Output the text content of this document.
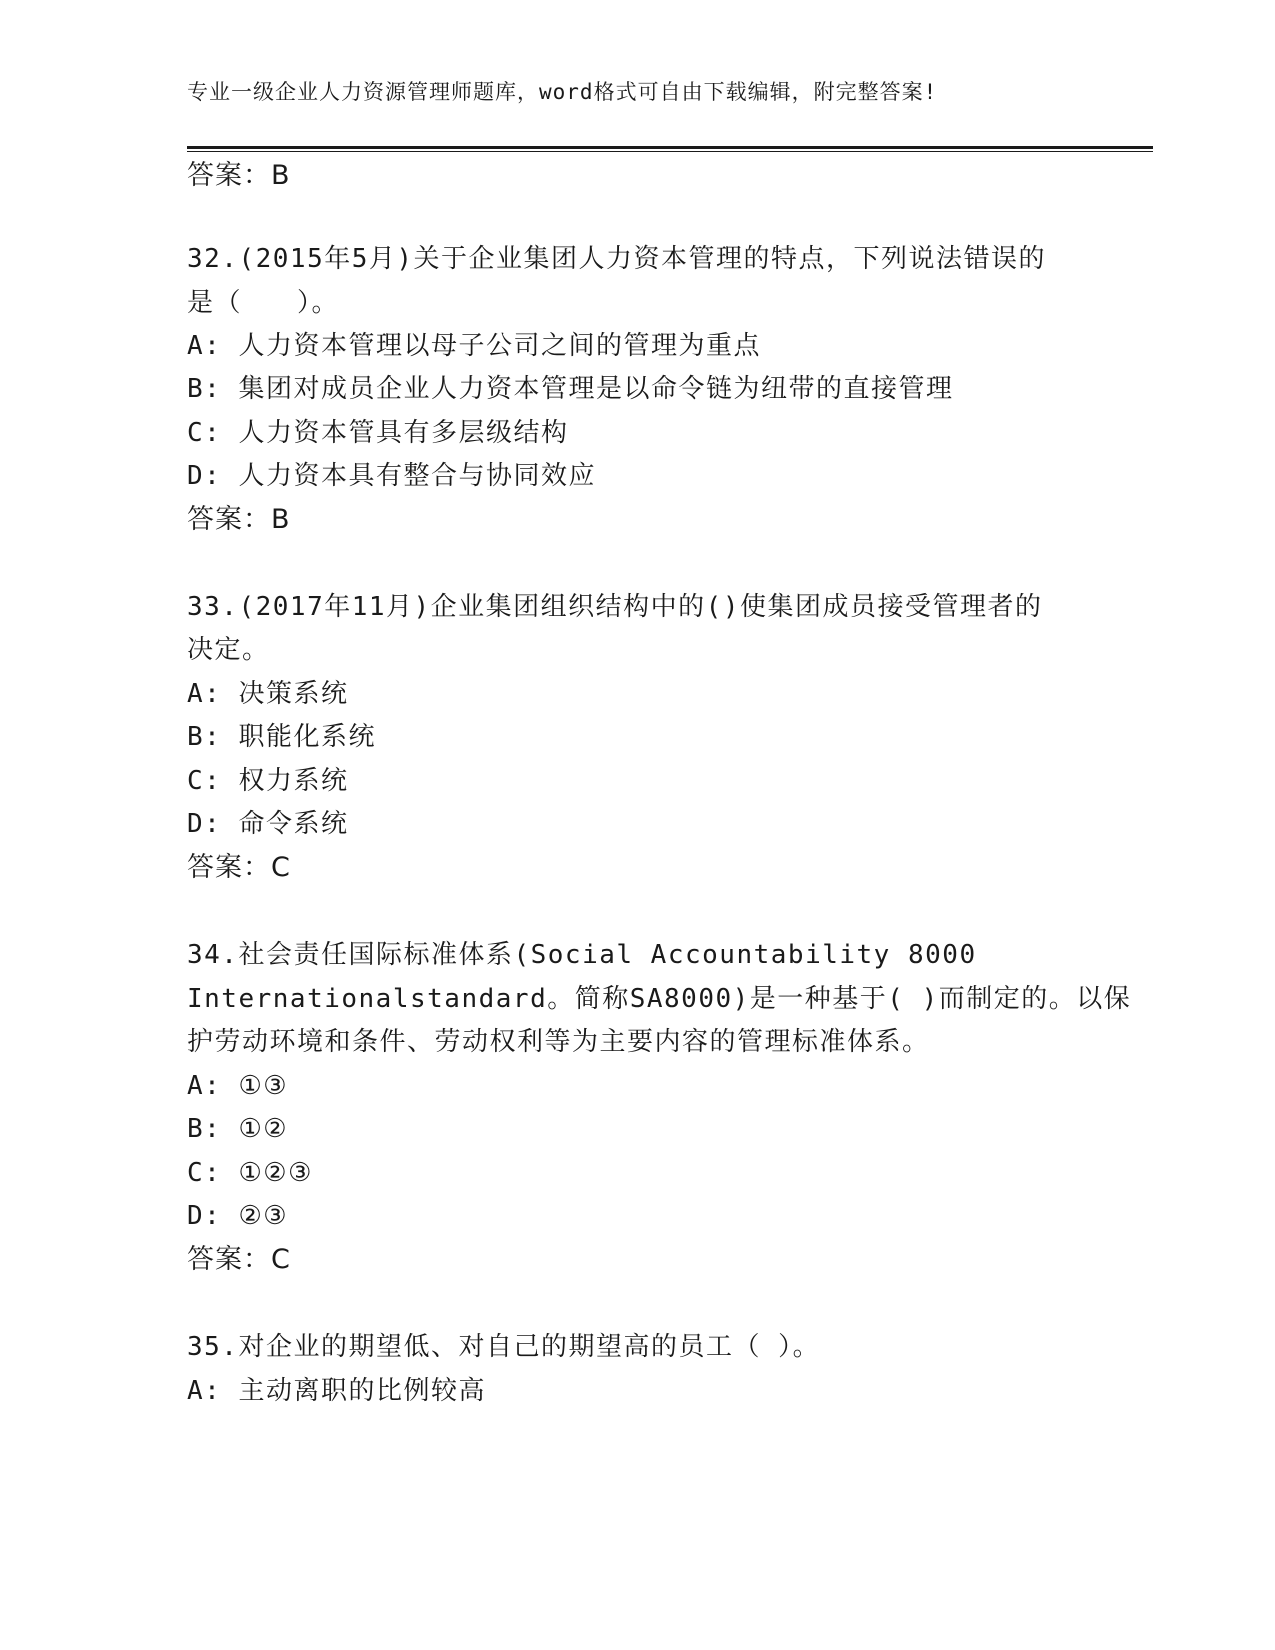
专业一级企业人力资源管理师题库，word格式可自由下载编辑，附完整答案!
答案：B
32.(2015年5月)关于企业集团人力资本管理的特点，下列说法错误的
是（　　）。
A: 人力资本管理以母子公司之间的管理为重点
B: 集团对成员企业人力资本管理是以命令链为纽带的直接管理
C: 人力资本管具有多层级结构
D: 人力资本具有整合与协同效应
答案：B
33.(2017年11月)企业集团组织结构中的()使集团成员接受管理者的
决定。
A: 决策系统
B: 职能化系统
C: 权力系统
D: 命令系统
答案：C
34.社会责任国际标准体系(Social Accountability 8000
Internationalstandard。简称SA8000)是一种基于( )而制定的。以保
护劳动环境和条件、劳动权利等为主要内容的管理标准体系。
A: ①③
B: ①②
C: ①②③
D: ②③
答案：C
35.对企业的期望低、对自己的期望高的员工（ ）。
A: 主动离职的比例较高
